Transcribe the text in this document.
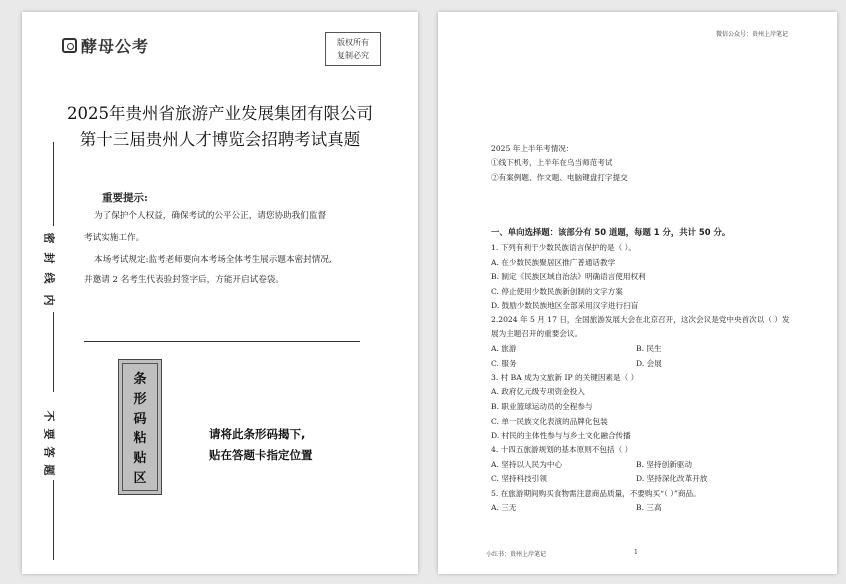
酵母公考	版权所有
复制必究
2025年贵州省旅游产业发展集团有限公司
第十三届贵州人才博览会招聘考试真题
密
封
线
内
不
要
答
题
重要提示:
为了保护个人权益，确保考试的公平公正，请您协助我们监督
考试实施工作。
本场考试规定:监考老师要向本考场全体考生展示题本密封情况,
并邀请 2 名考生代表验封签字后，方能开启试卷袋。
条
形
码
粘
贴
区
请将此条形码揭下,
贴在答题卡指定位置
微信公众号：贵州上岸笔记
2025 年上半年考情况：
①线下机考，上半年在乌当师范考试
②有案例题、作文题、电脑键盘打字提交
一、单向选择题：该部分有 50 道题，每题 1 分，共计 50 分。
1. 下列有利于少数民族语言保护的是（ ）。
A. 在少数民族聚居区推广普通话教学
B. 制定《民族区域自治法》明确语言使用权利
C. 停止使用少数民族新创制的文字方案
D. 鼓励少数民族地区全部采用汉字进行扫盲
2.2024 年 5 月 17 日，全国旅游发展大会在北京召开，这次会议是党中央首次以（ ）发
展为主题召开的重要会议。
A. 旅游	B. 民生
C. 服务	D. 会展
3. 村 BA 成为文旅新 IP 的关键因素是（ ）
A. 政府亿元级专项资金投入
B. 职业篮球运动员的全程参与
C. 单一民族文化表演的品牌化包装
D. 村民的主体性参与与乡土文化融合传播
4. 十四五旅游规划的基本原则不包括（ ）
A. 坚持以人民为中心	B. 坚持创新驱动
C. 坚持科技引领	D. 坚持深化改革开放
5. 在旅游期间购买食物需注意商品质量，不要购买“（ ）”商品。
A. 三无	B. 三高
小红书：贵州上岸笔记	1
